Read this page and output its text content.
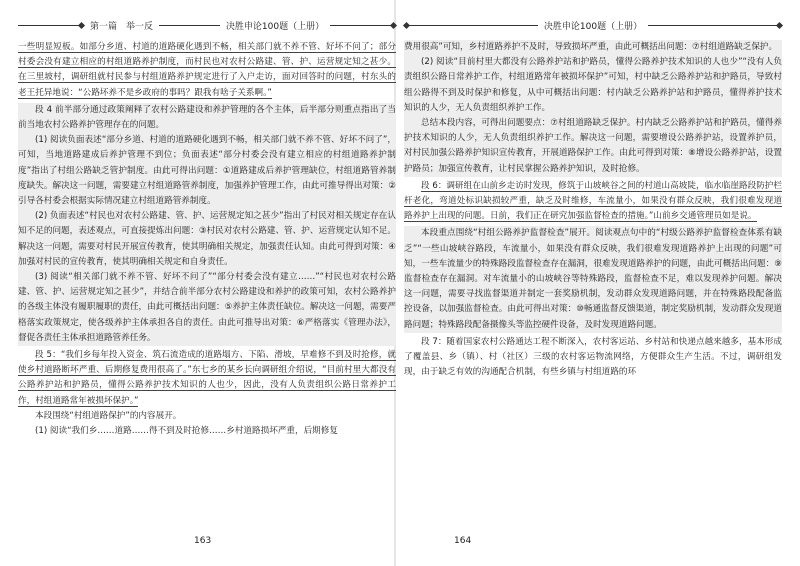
第一篇　举一反	决胜申论100题（上册）

一些明显短板。如部分乡道、村道的道路硬化遇到不畅，相关部门就不养不管、好坏不问了；部分村委会没有建立相应的村组道路养护制度，而村民也对农村公路建、管、护、运营规定知之甚少。在三里坡村，调研组就村民参与村组道路养护规定进行了入户走访，面对回答时的问题，村东头的老王托异地说：“公路坏养不是乡政府的事吗？跟我有啥子关系啊。”

段 4 前半部分通过政策阐释了农村公路建设和养护管理的各个主体，后半部分则重点指出了当前当地农村公路养护管理存在的问题。

(1) 阅读负面表述“部分乡道、村道的道路硬化遇到不畅，相关部门就不养不管、好坏不问了”，可知，当地道路建成后养护管理不到位；负面表述“部分村委会没有建立相应的村组道路养护制度”指出了村组公路缺乏管护制度。由此可得出问题：①道路建成后养护管理缺位，村组道路管养制度缺失。解决这一问题，需要建立村组道路管养制度，加强养护管理工作，由此可推导得出对策：②引导各村委会根据实际情况建立村组道路管养制度。

(2) 负面表述“村民也对农村公路建、管、护、运营规定知之甚少”指出了村民对相关规定存在认知不足的问题，表述观点，可直接提炼出问题：③村民对农村公路建、管、护、运营规定认知不足。解决这一问题，需要对村民开展宣传教育，使其明确相关规定，加强责任认知。由此可得到对策：④加强对村民的宣传教育，使其明确相关规定和自身责任。

(3) 阅读“相关部门就不养不管、好坏不问了”“部分村委会没有建立……”“村民也对农村公路建、管、护、运营规定知之甚少”，并结合前半部分农村公路建设和养护的政策可知，农村公路养护的各级主体没有履职履职的责任，由此可概括出问题：⑤养护主体责任缺位。解决这一问题，需要严格落实政策规定，使各级养护主体承担各自的责任。由此可推导出对策：⑥严格落实《管理办法》，督促各责任主体承担道路管养任务。

段 5：“我们乡每年投入资金、筑石流造成的道路塌方、下陷、滑坡，早难修不到及时抢修，就使乡村道路断坏严重、后期修复费用很高了。”东七乡的某乡长向调研组介绍说，“目前村里大都没有公路养护站和护路员，懂得公路养护技术知识的人也少，因此，没有人负责组织公路日常养护工作，村组道路常年被损坏保护。”

本段围绕“村组道路保护”的内容展开。

(1) 阅读“我们乡……道路……得不到及时抢修……乡村道路损坏严重，后期修复

163
决胜申论100题（上册）

费用很高”可知，乡村道路养护不及时，导致损坏严重，由此可概括出问题：⑦村组道路缺乏保护。

(2) 阅读“目前村里大都没有公路养护站和护路员，懂得公路养护技术知识的人也少”“没有人负责组织公路日常养护工作，村组道路常年被损坏保护”可知，村中缺乏公路养护站和护路员，导致村组公路得不到及时保护和修复，从中可概括出问题：村内缺乏公路养护站和护路员，懂得养护技术知识的人少，无人负责组织养护工作。

总结本段内容，可得出问题要点：⑦村组道路缺乏保护。村内缺乏公路养护站和护路员，懂得养护技术知识的人少，无人负责组织养护工作。解决这一问题，需要增设公路养护站，设置养护员，对村民加强公路养护知识宣传教育，开展道路保护工作。由此可得到对策：⑧增设公路养护站，设置护路员；加强宣传教育，让村民掌握公路养护知识，及时抢修。

段 6：调研组在山前乡走访时发现，修筑于山坡峡谷之间的村道山高坡陡，临水临崖路段防护栏杆老化，弯道处标识缺损较严重，缺乏及时维修，车流量小，如果没有群众反映，我们很难发现道路养护上出现的问题。日前，我们正在研究加强监督检查的措施。”山前乡交通管理员如是说。

本段重点围绕“村组公路养护监督检查”展开。阅读观点句中的“村级公路养护监督检查体系有缺乏”“一些山坡峡谷路段，车流量小，如果没有群众反映，我们很难发现道路养护上出现的问题”可知，一些车流量少的特殊路段监督检查存在漏洞，很难发现道路养护的问题，由此可概括出问题：⑨监督检查存在漏洞。对车流量小的山坡峡谷等特殊路段，监督检查不足，难以发现养护问题。解决这一问题，需要寻找监督渠道并制定一套奖励机制，发动群众发现道路问题，并在特殊路段配备监控设备，以加强监督检查。由此可得出对策：⑩畅通监督反馈渠道，制定奖励机制，发动群众发现道路问题；特殊路段配备摄像头等监控硬件设备，及时发现道路问题。

段 7：随着国家农村公路通达工程不断深入，农村客运站、乡村站和快递点越来越多，基本形成了覆盖县、乡（镇）、村（社区）三级的农村客运物流网络，方便群众生产生活。不过，调研组发现，由于缺乏有效的沟通配合机制，有些乡镇与村组道路的环

164
